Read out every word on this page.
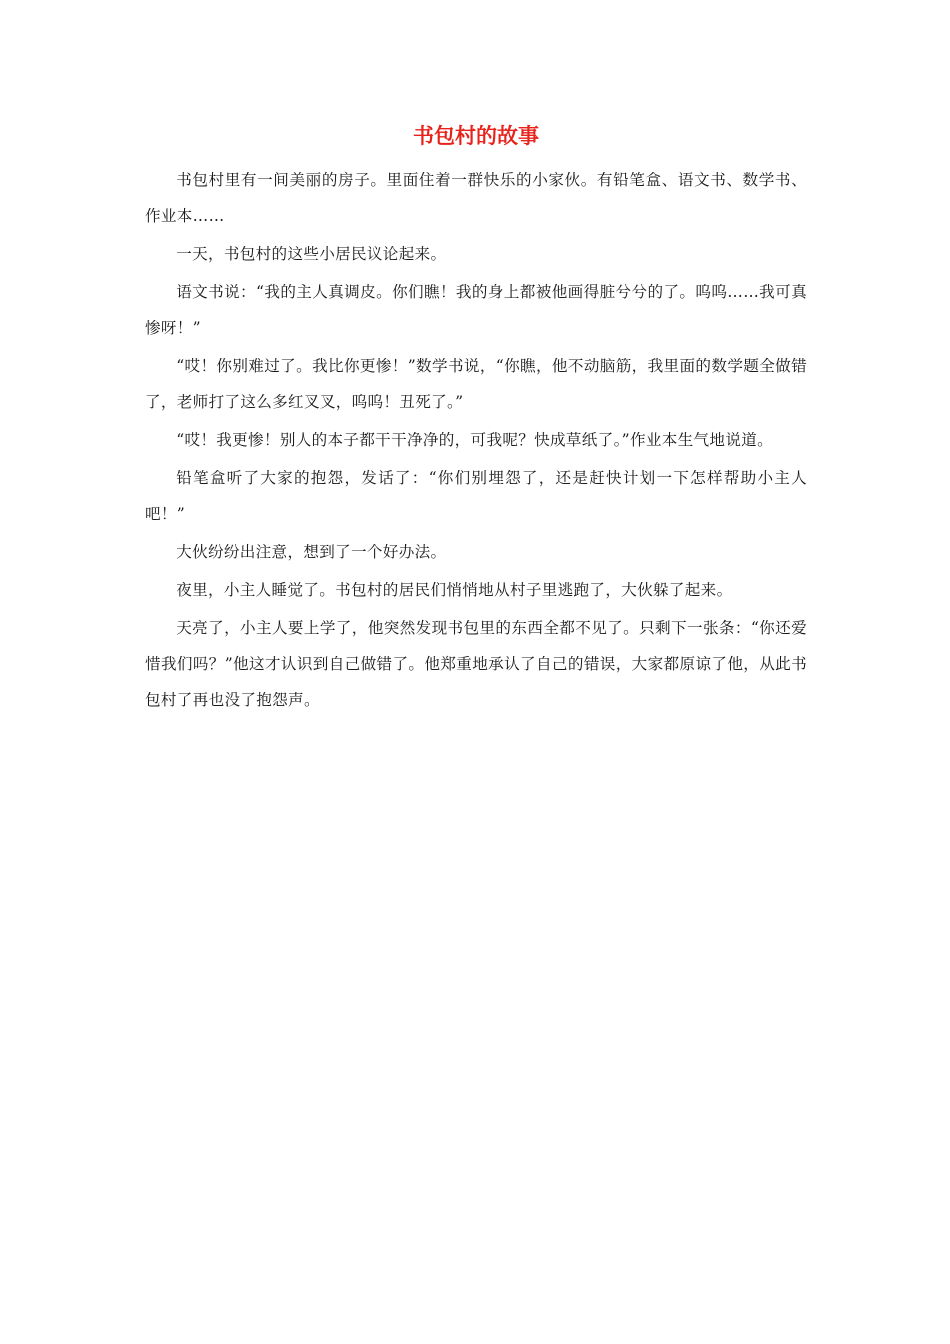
书包村的故事

书包村里有一间美丽的房子。里面住着一群快乐的小家伙。有铅笔盒、语文书、数学书、作业本……

一天，书包村的这些小居民议论起来。

语文书说：“我的主人真调皮。你们瞧！我的身上都被他画得脏兮兮的了。呜呜……我可真惨呀！”

“哎！你别难过了。我比你更惨！”数学书说，“你瞧，他不动脑筋，我里面的数学题全做错了，老师打了这么多红叉叉，呜呜！丑死了。”

“哎！我更惨！别人的本子都干干净净的，可我呢？快成草纸了。”作业本生气地说道。

铅笔盒听了大家的抱怨，发话了：“你们别埋怨了，还是赶快计划一下怎样帮助小主人吧！”

大伙纷纷出注意，想到了一个好办法。

夜里，小主人睡觉了。书包村的居民们悄悄地从村子里逃跑了，大伙躲了起来。

天亮了，小主人要上学了，他突然发现书包里的东西全都不见了。只剩下一张条：“你还爱惜我们吗？”他这才认识到自己做错了。他郑重地承认了自己的错误，大家都原谅了他，从此书包村了再也没了抱怨声。
